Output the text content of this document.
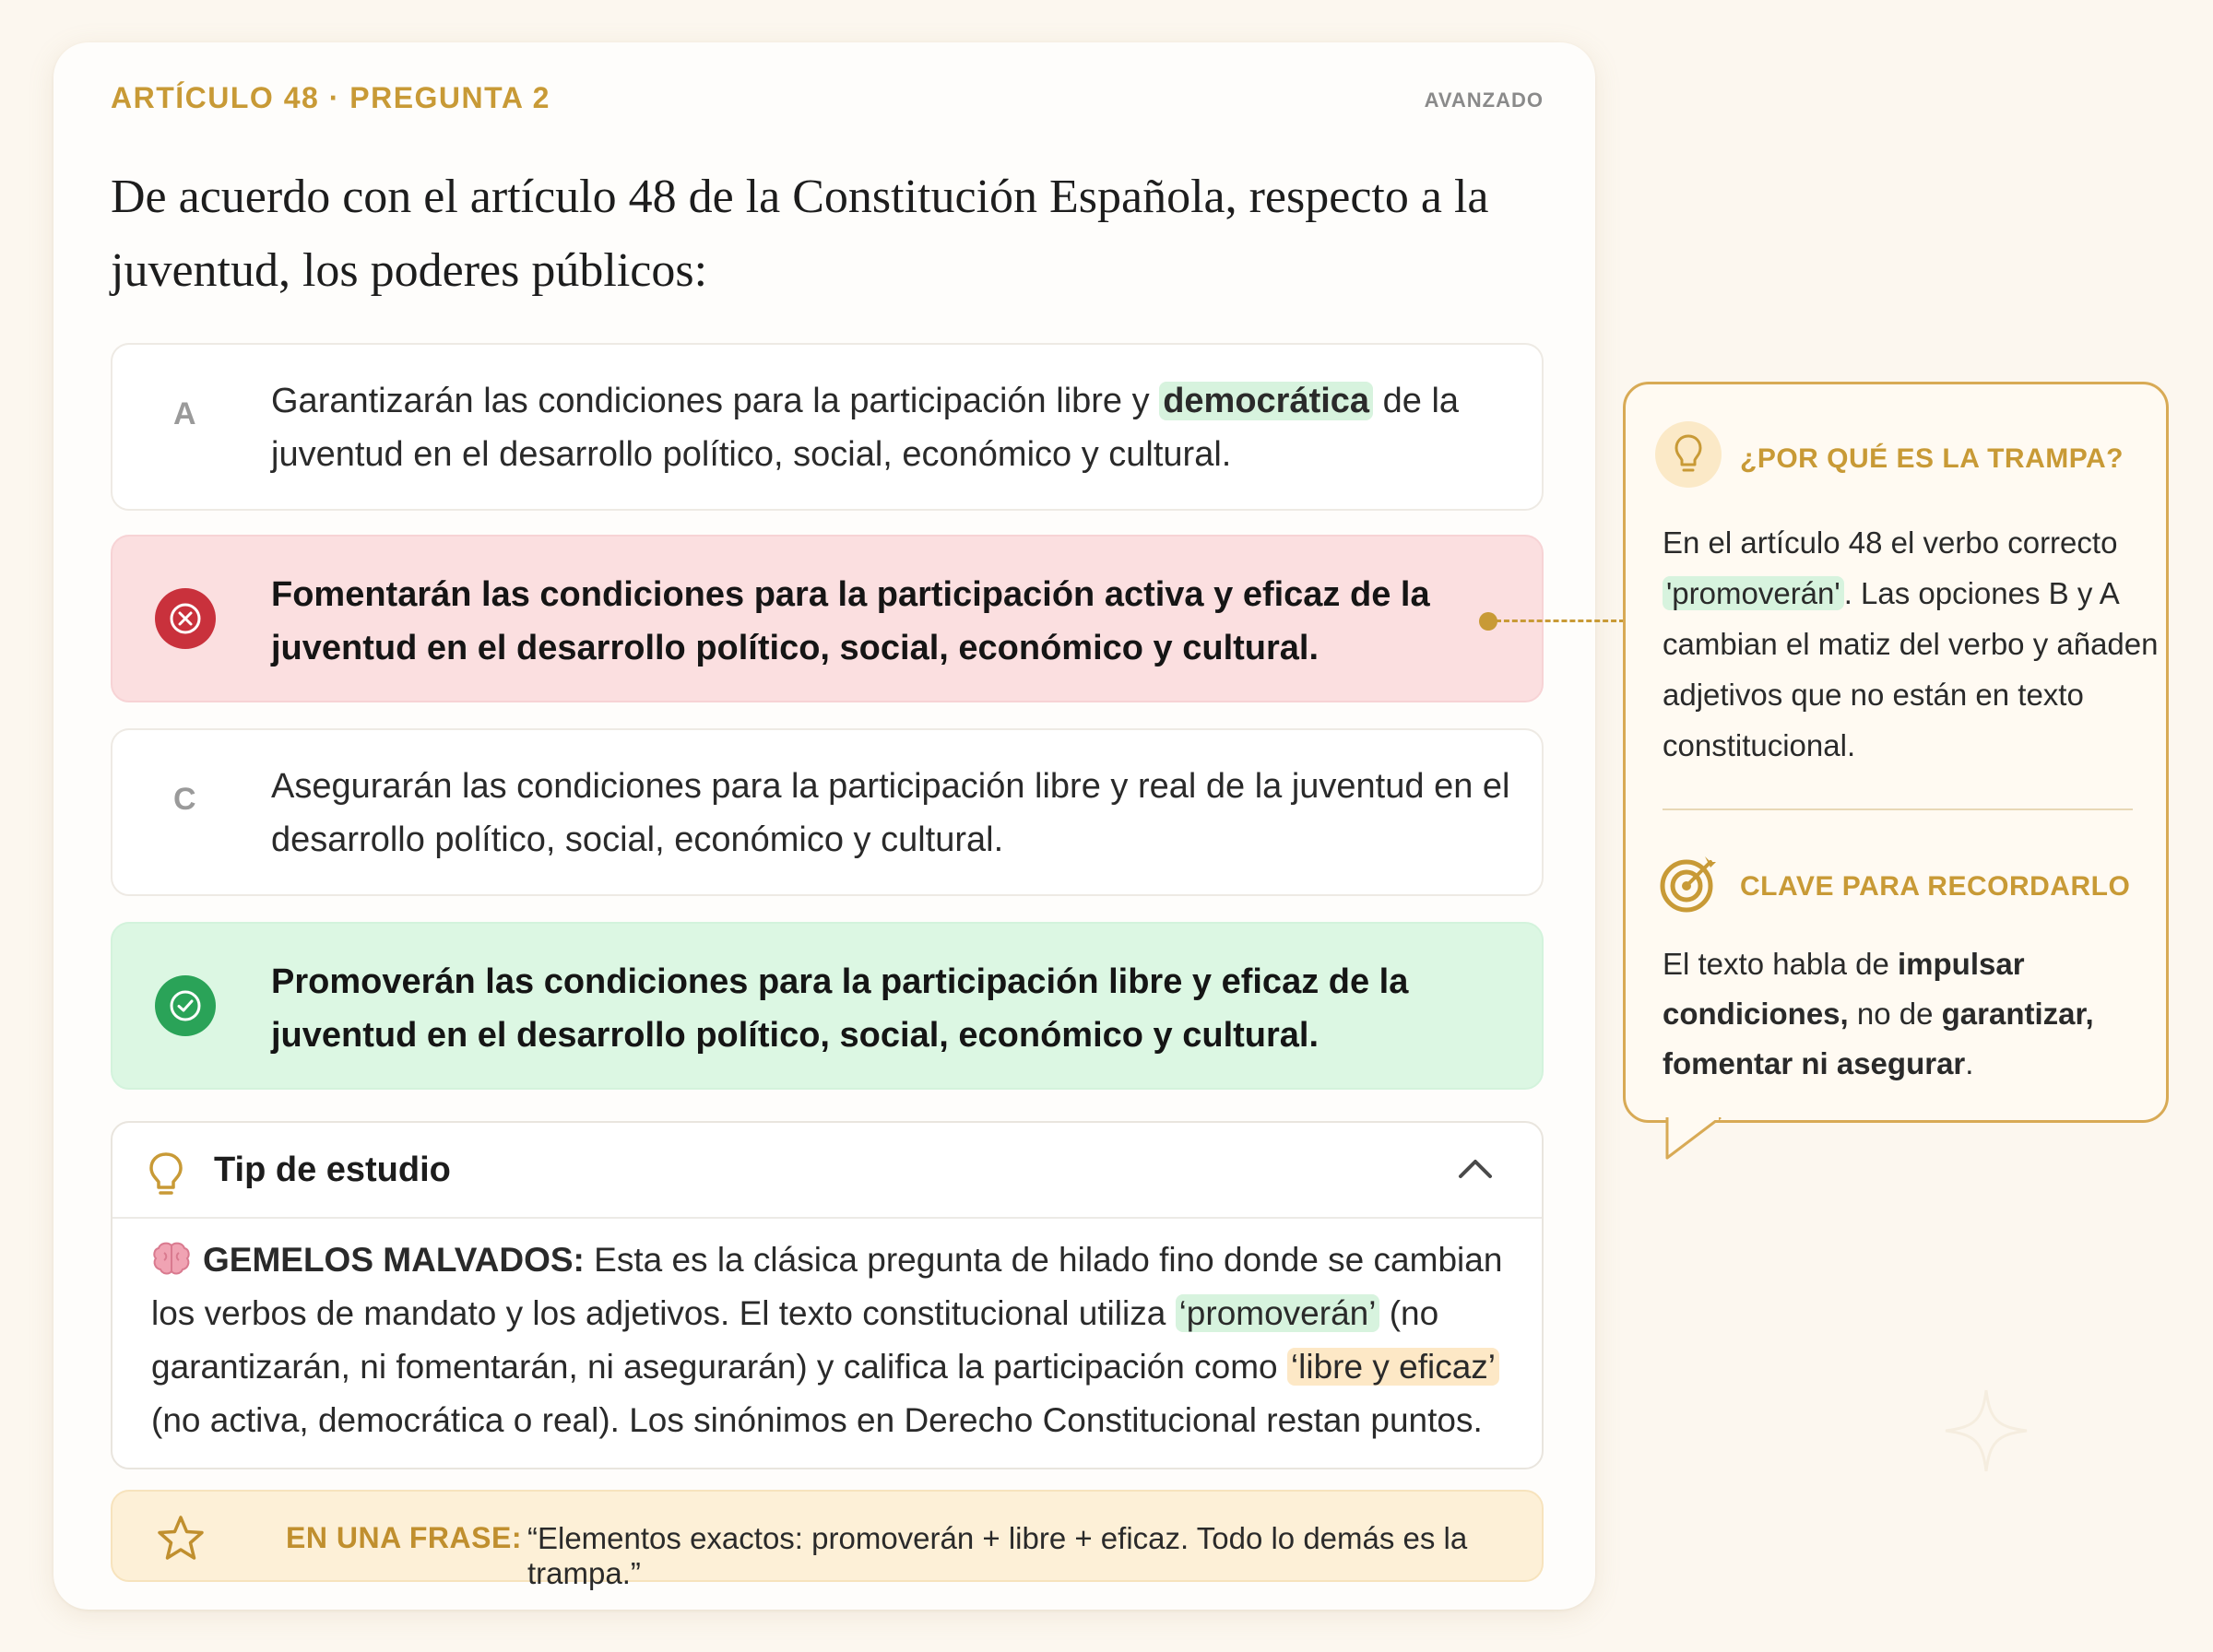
ARTÍCULO 48 · PREGUNTA 2	AVANZADO
De acuerdo con el artículo 48 de la Constitución Española, respecto a la juventud, los poderes públicos:
A Garantizarán las condiciones para la participación libre y democrática de la juventud en el desarrollo político, social, económico y cultural.
Fomentarán las condiciones para la participación activa y eficaz de la juventud en el desarrollo político, social, económico y cultural.
C Asegurarán las condiciones para la participación libre y real de la juventud en el desarrollo político, social, económico y cultural.
Promoverán las condiciones para la participación libre y eficaz de la juventud en el desarrollo político, social, económico y cultural.
Tip de estudio
GEMELOS MALVADOS: Esta es la clásica pregunta de hilado fino donde se cambian los verbos de mandato y los adjetivos. El texto constitucional utiliza ‘promoverán’ (no garantizarán, ni fomentarán, ni asegurarán) y califica la participación como ‘libre y eficaz’ (no activa, democrática o real). Los sinónimos en Derecho Constitucional restan puntos.
EN UNA FRASE: “Elementos exactos: promoverán + libre + eficaz. Todo lo demás es la trampa.”
¿POR QUÉ ES LA TRAMPA?
En el artículo 48 el verbo correcto 'promoverán' . Las opciones B y A cambian el matiz del verbo y añaden adjetivos que no están en texto constitucional.
CLAVE PARA RECORDARLO
El texto habla de impulsar condiciones, no de garantizar, fomentar ni asegurar.
